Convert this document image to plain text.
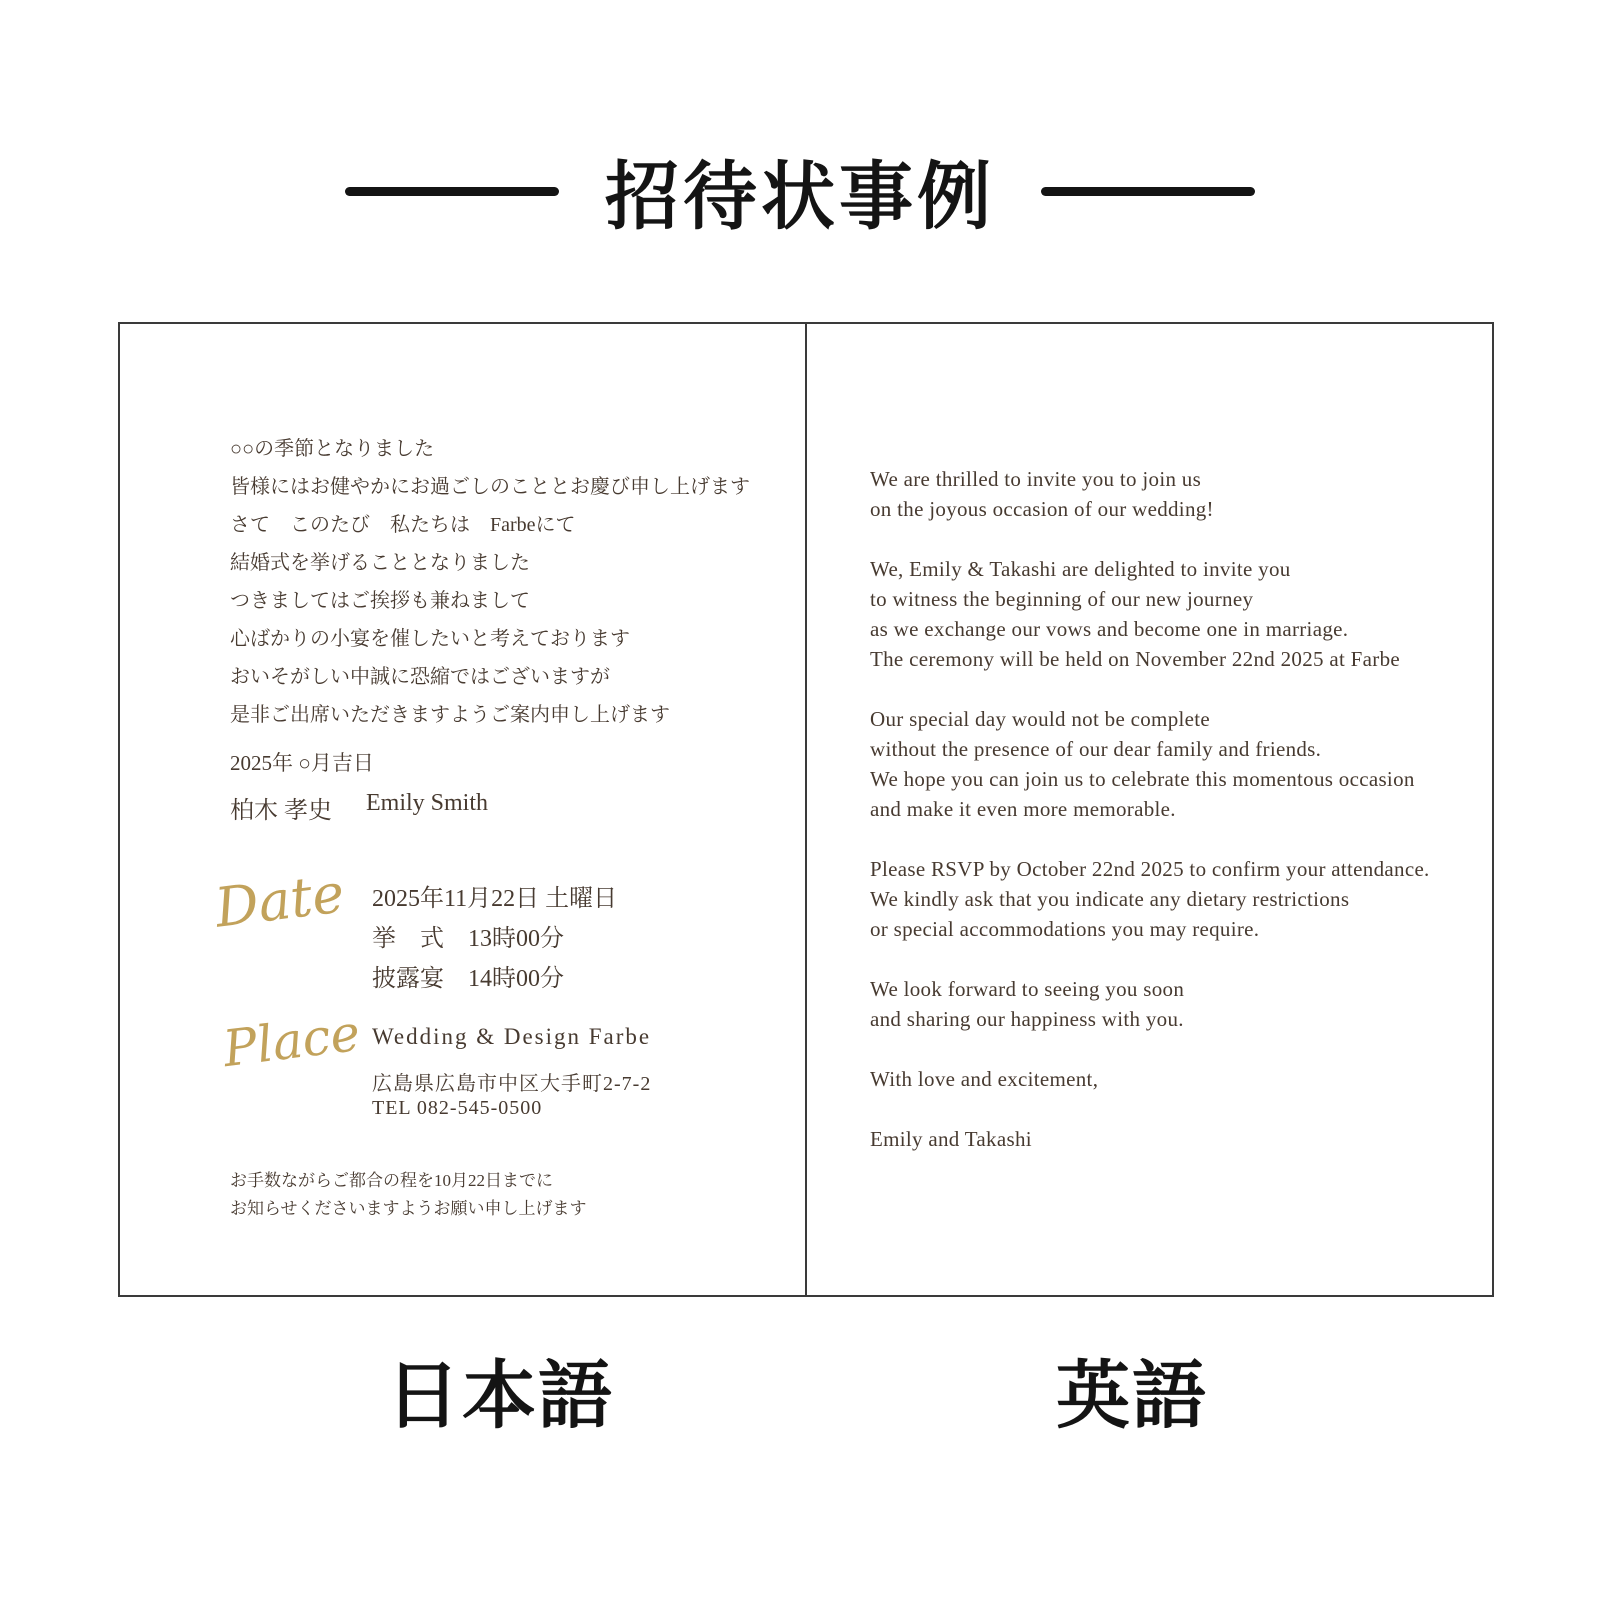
招待状事例
○○の季節となりました
皆様にはお健やかにお過ごしのこととお慶び申し上げます
さて　このたび　私たちは　Farbeにて
結婚式を挙げることとなりました
つきましてはご挨拶も兼ねまして
心ばかりの小宴を催したいと考えております
おいそがしい中誠に恐縮ではございますが
是非ご出席いただきますようご案内申し上げます
2025年 ○月吉日
柏木 孝史 Emily Smith
Date 2025年11月22日 土曜日
挙　式　13時00分
披露宴　14時00分
Place Wedding & Design Farbe
広島県広島市中区大手町2-7-2
TEL 082-545-0500
お手数ながらご都合の程を10月22日までに
お知らせくださいますようお願い申し上げます

We are thrilled to invite you to join us
on the joyous occasion of our wedding!

We, Emily & Takashi are delighted to invite you
to witness the beginning of our new journey
as we exchange our vows and become one in marriage.
The ceremony will be held on November 22nd 2025 at Farbe

Our special day would not be complete
without the presence of our dear family and friends.
We hope you can join us to celebrate this momentous occasion
and make it even more memorable.

Please RSVP by October 22nd 2025 to confirm your attendance.
We kindly ask that you indicate any dietary restrictions
or special accommodations you may require.

We look forward to seeing you soon
and sharing our happiness with you.

With love and excitement,

Emily and Takashi

日本語	英語
